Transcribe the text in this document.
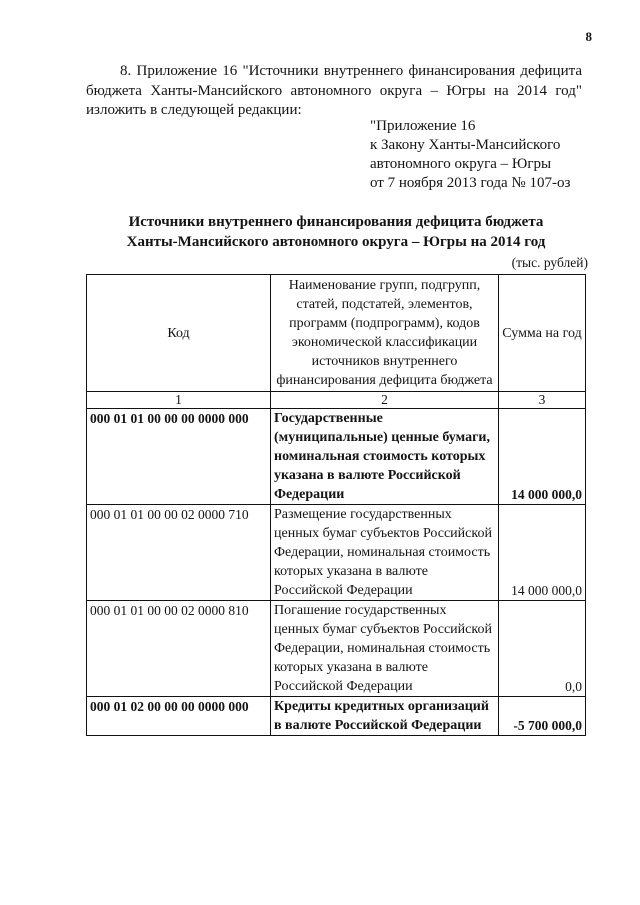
8
8. Приложение 16 "Источники внутреннего финансирования дефицита бюджета Ханты-Мансийского автономного округа – Югры на 2014 год" изложить в следующей редакции:
"Приложение 16
к Закону Ханты-Мансийского
автономного округа – Югры
от 7 ноября 2013 года № 107-оз
Источники внутреннего финансирования дефицита бюджета
Ханты-Мансийского автономного округа – Югры на 2014 год
(тыс. рублей)
Код	Наименование групп, подгрупп, статей, подстатей, элементов, программ (подпрограмм), кодов экономической классификации источников внутреннего финансирования дефицита бюджета	Сумма на год
1	2	3
000 01 01 00 00 00 0000 000	Государственные (муниципальные) ценные бумаги, номинальная стоимость которых указана в валюте Российской Федерации	14 000 000,0
000 01 01 00 00 02 0000 710	Размещение государственных ценных бумаг субъектов Российской Федерации, номинальная стоимость которых указана в валюте Российской Федерации	14 000 000,0
000 01 01 00 00 02 0000 810	Погашение государственных ценных бумаг субъектов Российской Федерации, номинальная стоимость которых указана в валюте Российской Федерации	0,0
000 01 02 00 00 00 0000 000	Кредиты кредитных организаций в валюте Российской Федерации	-5 700 000,0
